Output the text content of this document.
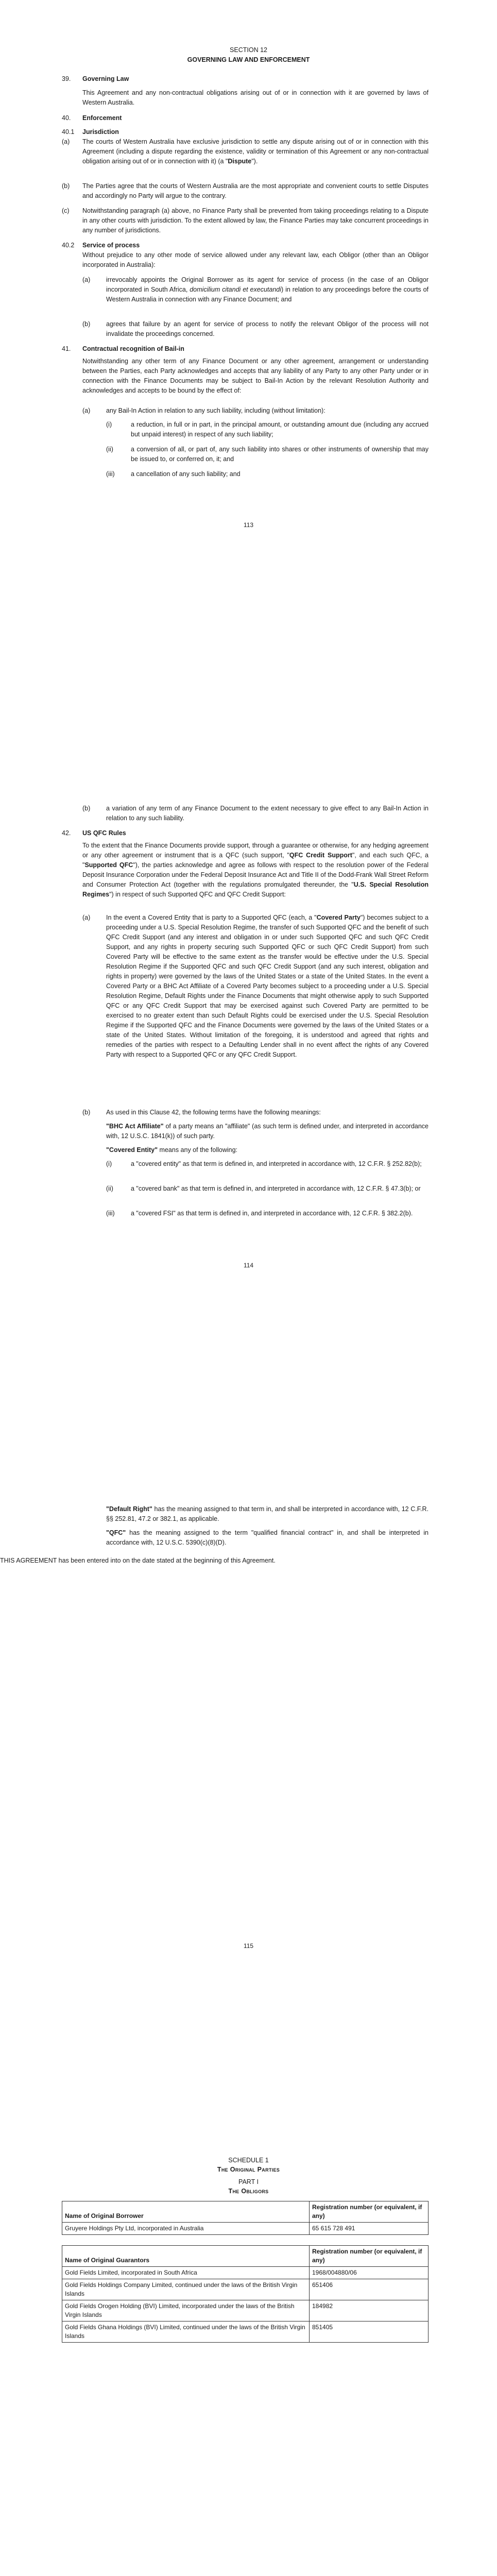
SECTION 12
GOVERNING LAW AND ENFORCEMENT
39. Governing Law

This Agreement and any non-contractual obligations arising out of or in connection with it are governed by laws of Western Australia.

40. Enforcement
40.1 Jurisdiction
(a) The courts of Western Australia have exclusive jurisdiction to settle any dispute arising out of or in connection with this Agreement (including a dispute regarding the existence, validity or termination of this Agreement or any non-contractual obligation arising out of or in connection with it) (a "Dispute").

(b) The Parties agree that the courts of Western Australia are the most appropriate and convenient courts to settle Disputes and accordingly no Party will argue to the contrary.

(c) Notwithstanding paragraph (a) above, no Finance Party shall be prevented from taking proceedings relating to a Dispute in any other courts with jurisdiction. To the extent allowed by law, the Finance Parties may take concurrent proceedings in any number of jurisdictions.

40.2 Service of process

Without prejudice to any other mode of service allowed under any relevant law, each Obligor (other than an Obligor incorporated in Australia):

(a) irrevocably appoints the Original Borrower as its agent for service of process (in the case of an Obligor incorporated in South Africa, domicilium citandi et executandi) in relation to any proceedings before the courts of Western Australia in connection with any Finance Document; and

(b) agrees that failure by an agent for service of process to notify the relevant Obligor of the process will not invalidate the proceedings concerned.

41. Contractual recognition of Bail-in

Notwithstanding any other term of any Finance Document or any other agreement, arrangement or understanding between the Parties, each Party acknowledges and accepts that any liability of any Party to any other Party under or in connection with the Finance Documents may be subject to Bail-In Action by the relevant Resolution Authority and acknowledges and accepts to be bound by the effect of:

(a) any Bail-In Action in relation to any such liability, including (without limitation):

(i)	a reduction, in full or in part, in the principal amount, or outstanding amount due (including any accrued but unpaid interest) in respect of any such liability;

(ii)	a conversion of all, or part of, any such liability into shares or other instruments of ownership that may be issued to, or conferred on, it; and

(iii)	a cancellation of any such liability; and

113
(b) a variation of any term of any Finance Document to the extent necessary to give effect to any Bail-In Action in relation to any such liability.

42. US QFC Rules

To the extent that the Finance Documents provide support, through a guarantee or otherwise, for any hedging agreement or any other agreement or instrument that is a QFC (such support, "QFC Credit Support", and each such QFC, a "Supported QFC"), the parties acknowledge and agree as follows with respect to the resolution power of the Federal Deposit Insurance Corporation under the Federal Deposit Insurance Act and Title II of the Dodd-Frank Wall Street Reform and Consumer Protection Act (together with the regulations promulgated thereunder, the "U.S. Special Resolution Regimes") in respect of such Supported QFC and QFC Credit Support:

(a) In the event a Covered Entity that is party to a Supported QFC (each, a "Covered Party") becomes subject to a proceeding under a U.S. Special Resolution Regime, the transfer of such Supported QFC and the benefit of such QFC Credit Support (and any interest and obligation in or under such Supported QFC and such QFC Credit Support, and any rights in property securing such Supported QFC or such QFC Credit Support) from such Covered Party will be effective to the same extent as the transfer would be effective under the U.S. Special Resolution Regime if the Supported QFC and such QFC Credit Support (and any such interest, obligation and rights in property) were governed by the laws of the United States or a state of the United States. In the event a Covered Party or a BHC Act Affiliate of a Covered Party becomes subject to a proceeding under a U.S. Special Resolution Regime, Default Rights under the Finance Documents that might otherwise apply to such Supported QFC or any QFC Credit Support that may be exercised against such Covered Party are permitted to be exercised to no greater extent than such Default Rights could be exercised under the U.S. Special Resolution Regime if the Supported QFC and the Finance Documents were governed by the laws of the United States or a state of the United States. Without limitation of the foregoing, it is understood and agreed that rights and remedies of the parties with respect to a Defaulting Lender shall in no event affect the rights of any Covered Party with respect to a Supported QFC or any QFC Credit Support.

(b) As used in this Clause 42, the following terms have the following meanings:

"BHC Act Affiliate" of a party means an "affiliate" (as such term is defined under, and interpreted in accordance with, 12 U.S.C. 1841(k)) of such party.

"Covered Entity" means any of the following:

(i)	a "covered entity" as that term is defined in, and interpreted in accordance with, 12 C.F.R. § 252.82(b);

(ii)	a "covered bank" as that term is defined in, and interpreted in accordance with, 12 C.F.R. § 47.3(b); or

(iii)	a "covered FSI" as that term is defined in, and interpreted in accordance with, 12 C.F.R. § 382.2(b).

114

"Default Right" has the meaning assigned to that term in, and shall be interpreted in accordance with, 12 C.F.R. §§ 252.81, 47.2 or 382.1, as applicable.

"QFC" has the meaning assigned to the term "qualified financial contract" in, and shall be interpreted in accordance with, 12 U.S.C. 5390(c)(8)(D).

THIS AGREEMENT has been entered into on the date stated at the beginning of this Agreement.

115
SCHEDULE 1
The Original Parties
PART I
The Obligors
Name of Original Borrower	Registration number (or equivalent, if any)
Gruyere Holdings Pty Ltd, incorporated in Australia	65 615 728 491
Name of Original Guarantors	Registration number (or equivalent, if any)
Gold Fields Limited, incorporated in South Africa	1968/004880/06
Gold Fields Holdings Company Limited, continued under the laws of the British Virgin Islands	651406
Gold Fields Orogen Holding (BVI) Limited, incorporated under the laws of the British Virgin Islands	184982
Gold Fields Ghana Holdings (BVI) Limited, continued under the laws of the British Virgin Islands	851405
